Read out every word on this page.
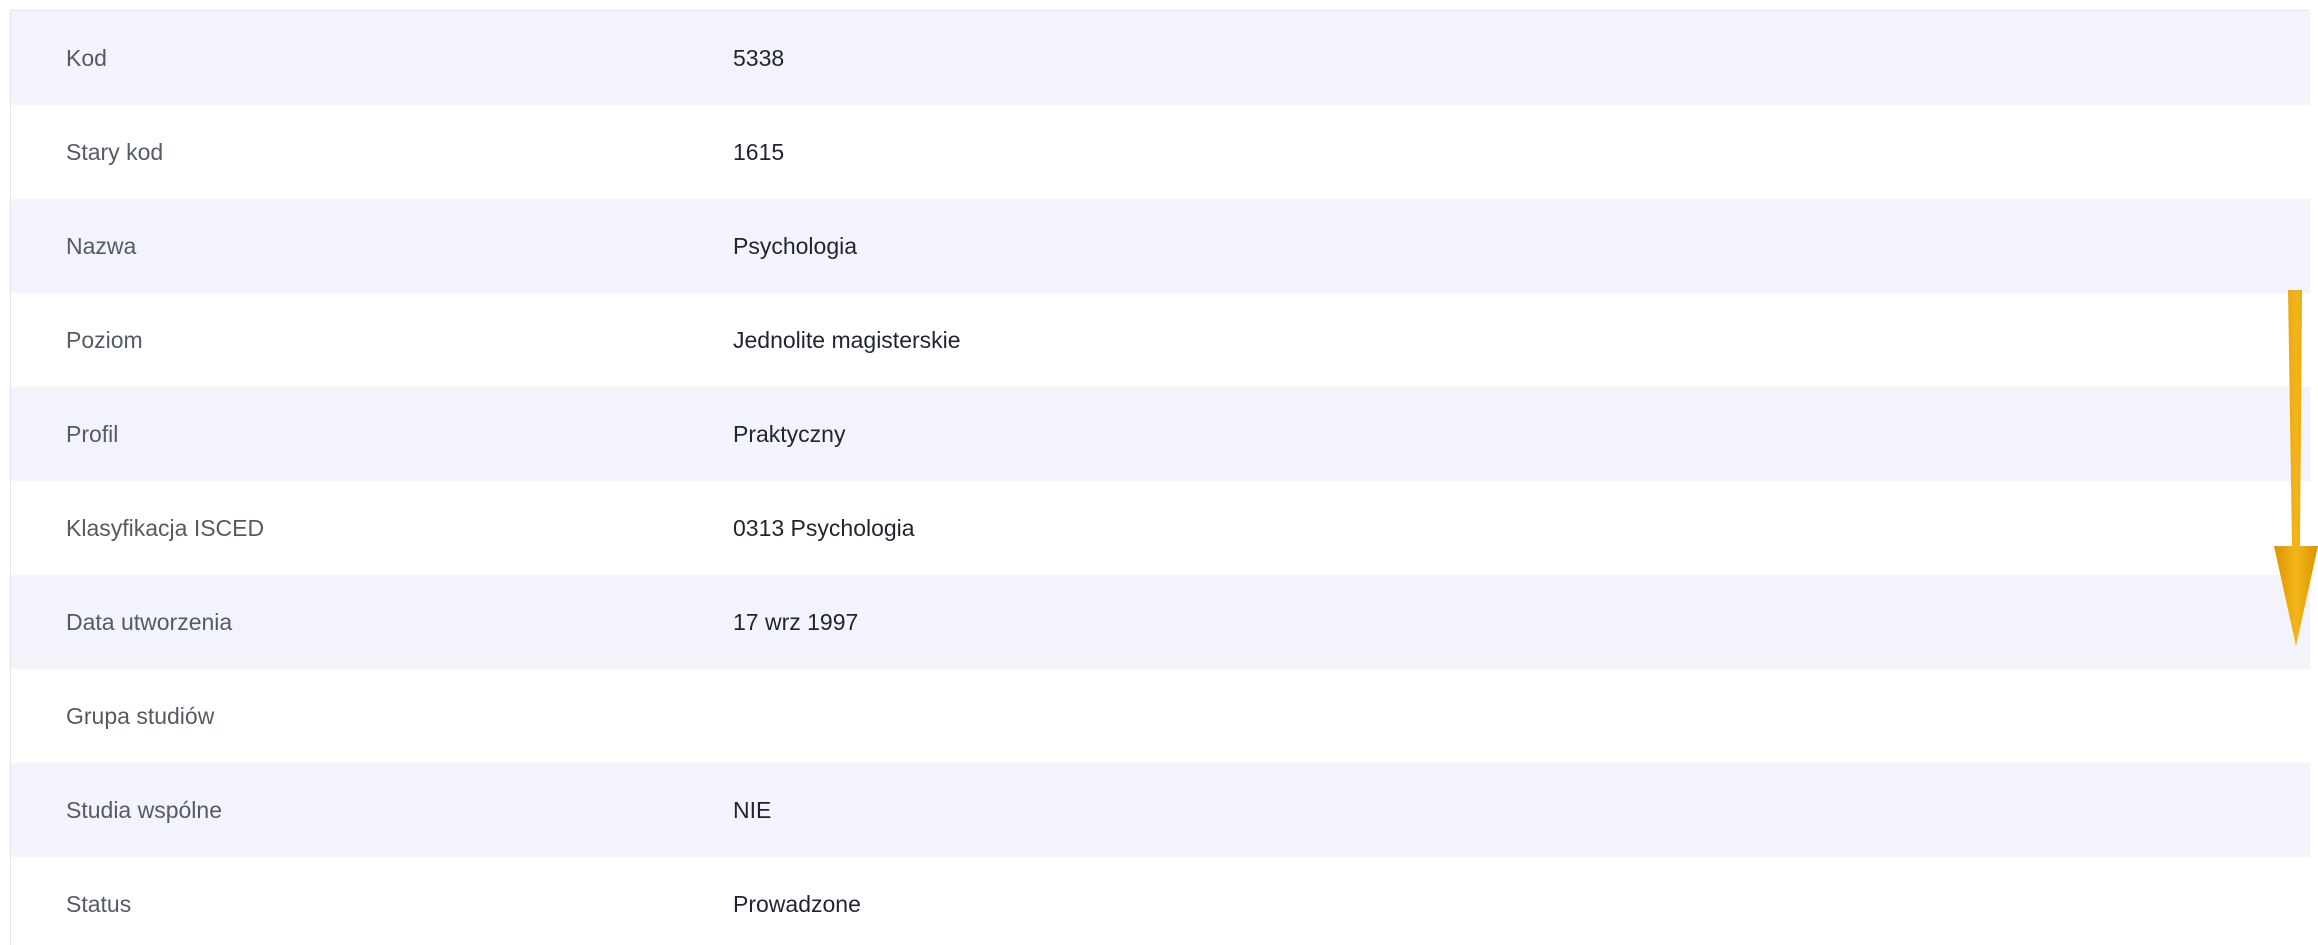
Kod	5338
Stary kod	1615
Nazwa	Psychologia
Poziom	Jednolite magisterskie
Profil	Praktyczny
Klasyfikacja ISCED	0313 Psychologia
Data utworzenia	17 wrz 1997
Grupa studiów
Studia wspólne	NIE
Status	Prowadzone
